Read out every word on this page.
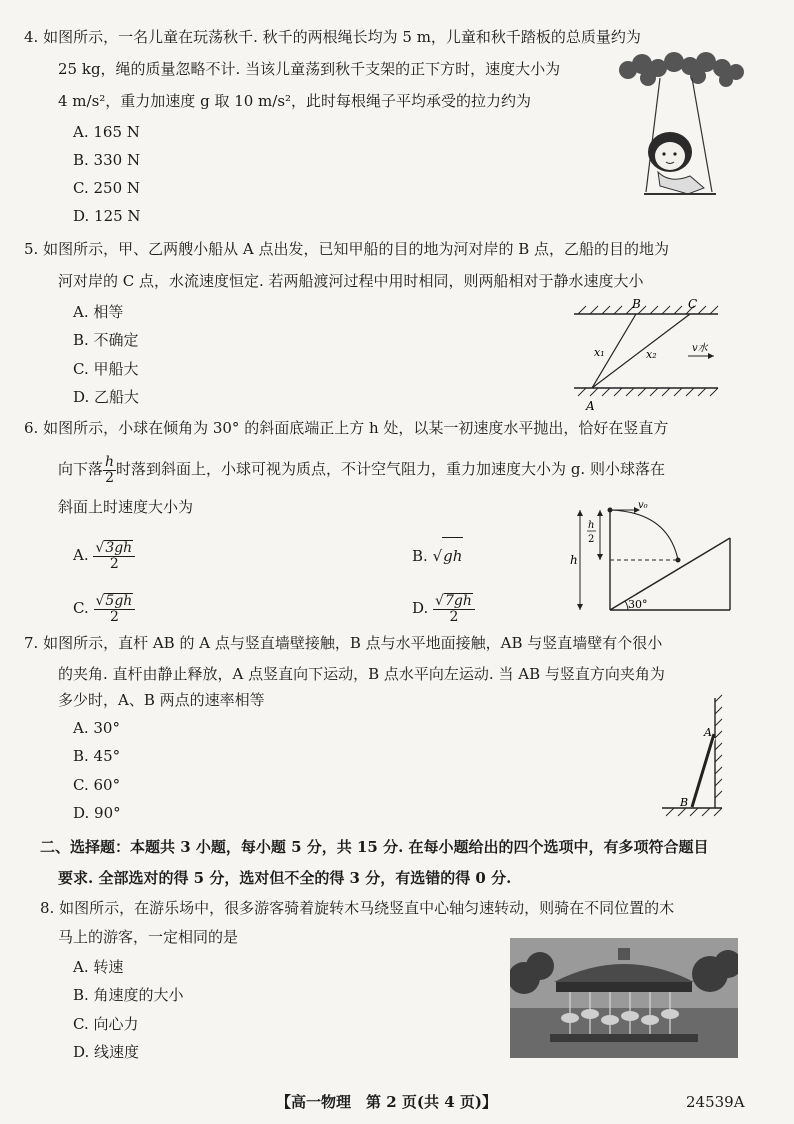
4. 如图所示，一名儿童在玩荡秋千. 秋千的两根绳长均为 5 m，儿童和秋千踏板的总质量约为
25 kg，绳的质量忽略不计. 当该儿童荡到秋千支架的正下方时，速度大小为
4 m/s²，重力加速度 g 取 10 m/s²，此时每根绳子平均承受的拉力约为
A. 165 N
B. 330 N
C. 250 N
D. 125 N
5. 如图所示，甲、乙两艘小船从 A 点出发，已知甲船的目的地为河对岸的 B 点，乙船的目的地为
河对岸的 C 点，水流速度恒定. 若两船渡河过程中用时相同，则两船相对于静水速度大小
A. 相等
B. 不确定
C. 甲船大
D. 乙船大
B	C
A
x₁	x₂	v水
6. 如图所示，小球在倾角为 30° 的斜面底端正上方 h 处，以某一初速度水平抛出，恰好在竖直方
向下落 $\frac{h}{2}$ 时落到斜面上，小球可视为质点，不计空气阻力，重力加速度大小为 g. 则小球落在
斜面上时速度大小为
A. $\frac{√3gh}{2}$	B. √gh
C. $\frac{√5gh}{2}$	D. $\frac{√7gh}{2}$
v₀
30°
h
h
2
7. 如图所示，直杆 AB 的 A 点与竖直墙壁接触，B 点与水平地面接触，AB 与竖直墙壁有个很小
的夹角. 直杆由静止释放，A 点竖直向下运动，B 点水平向左运动. 当 AB 与竖直方向夹角为
多少时，A、B 两点的速率相等
A. 30°
B. 45°
C. 60°
D. 90°
A
B
二、选择题：本题共 3 小题，每小题 5 分，共 15 分. 在每小题给出的四个选项中，有多项符合题目
要求. 全部选对的得 5 分，选对但不全的得 3 分，有选错的得 0 分.
8. 如图所示，在游乐场中，很多游客骑着旋转木马绕竖直中心轴匀速转动，则骑在不同位置的木
马上的游客，一定相同的是
A. 转速
B. 角速度的大小
C. 向心力
D. 线速度
【高一物理　第 2 页(共 4 页)】	24539A
